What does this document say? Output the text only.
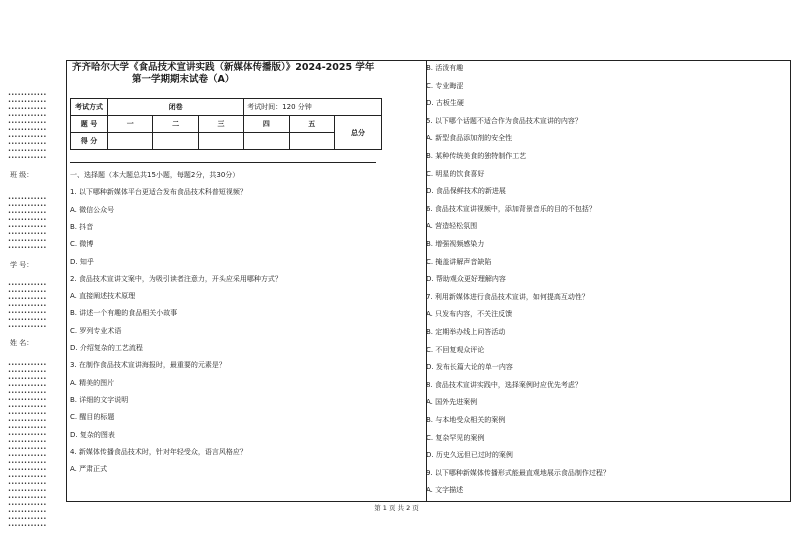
••••••••••••
••••••••••••
••••••••••••
••••••••••••
••••••••••••
••••••••••••
••••••••••••
••••••••••••
••••••••••••
••••••••••••
班 级：
••••••••••••
••••••••••••
••••••••••••
••••••••••••
••••••••••••
••••••••••••
••••••••••••
••••••••••••
学 号：
••••••••••••
••••••••••••
••••••••••••
••••••••••••
••••••••••••
••••••••••••
••••••••••••
姓 名：
••••••••••••
••••••••••••
••••••••••••
••••••••••••
••••••••••••
••••••••••••
••••••••••••
••••••••••••
••••••••••••
••••••••••••
••••••••••••
••••••••••••
••••••••••••
••••••••••••
••••••••••••
••••••••••••
••••••••••••
••••••••••••
••••••••••••
••••••••••••
••••••••••••
••••••••••••
••••••••••••
••••••••••••
齐齐哈尔大学《食品技术宣讲实践（新媒体传播版）》2024-2025 学年
第一学期期末试卷（A）
考试方式	闭卷			考试时间：120 分钟		
题 号	一	二	三	四	五	总分
得 分						
一、选择题（本大题总共15小题，每题2分，共30分）
1. 以下哪种新媒体平台更适合发布食品技术科普短视频？
A. 微信公众号
B. 抖音
C. 微博
D. 知乎
2. 食品技术宣讲文案中，为吸引读者注意力，开头应采用哪种方式？
A. 直接阐述技术原理
B. 讲述一个有趣的食品相关小故事
C. 罗列专业术语
D. 介绍复杂的工艺流程
3. 在制作食品技术宣讲海报时，最重要的元素是？
A. 精美的图片
B. 详细的文字说明
C. 醒目的标题
D. 复杂的图表
4. 新媒体传播食品技术时，针对年轻受众，语言风格应？
A. 严肃正式
B. 活泼有趣
C. 专业晦涩
D. 古板生硬
5. 以下哪个话题不适合作为食品技术宣讲的内容？
A. 新型食品添加剂的安全性
B. 某种传统美食的独特制作工艺
C. 明星的饮食喜好
D. 食品保鲜技术的新进展
6. 食品技术宣讲视频中，添加背景音乐的目的不包括？
A. 营造轻松氛围
B. 增强视频感染力
C. 掩盖讲解声音缺陷
D. 帮助观众更好理解内容
7. 利用新媒体进行食品技术宣讲，如何提高互动性？
A. 只发布内容，不关注反馈
B. 定期举办线上问答活动
C. 不回复观众评论
D. 发布长篇大论的单一内容
8. 食品技术宣讲实践中，选择案例时应优先考虑？
A. 国外先进案例
B. 与本地受众相关的案例
C. 复杂罕见的案例
D. 历史久远但已过时的案例
9. 以下哪种新媒体传播形式能最直观地展示食品制作过程？
A. 文字描述
第 1 页 共 2 页
